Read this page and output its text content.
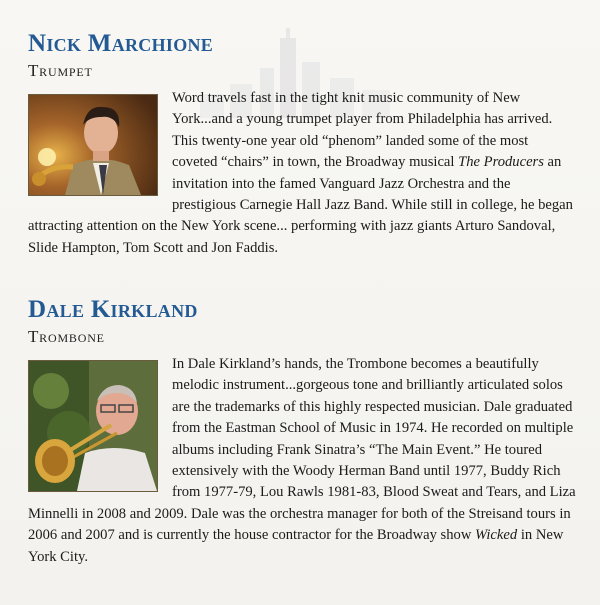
Nick Marchione
Trumpet

Word travels fast in the tight knit music community of New York...and a young trumpet player from Philadelphia has arrived. This twenty-one year old “phenom” landed some of the most coveted “chairs” in town, the Broadway musical The Producers an invitation into the famed Vanguard Jazz Orchestra and the prestigious Carnegie Hall Jazz Band. While still in college, he began attracting attention on the New York scene... performing with jazz giants Arturo Sandoval, Slide Hampton, Tom Scott and Jon Faddis.

Dale Kirkland
Trombone

In Dale Kirkland’s hands, the Trombone becomes a beautifully melodic instrument...gorgeous tone and brilliantly articulated solos are the trademarks of this highly respected musician. Dale graduated from the Eastman School of Music in 1974. He recorded on multiple albums including Frank Sinatra’s “The Main Event.” He toured extensively with the Woody Herman Band until 1977, Buddy Rich from 1977-79, Lou Rawls 1981-83, Blood Sweat and Tears, and Liza Minnelli in 2008 and 2009. Dale was the orchestra manager for both of the Streisand tours in 2006 and 2007 and is currently the house contractor for the Broadway show Wicked in New York City.
